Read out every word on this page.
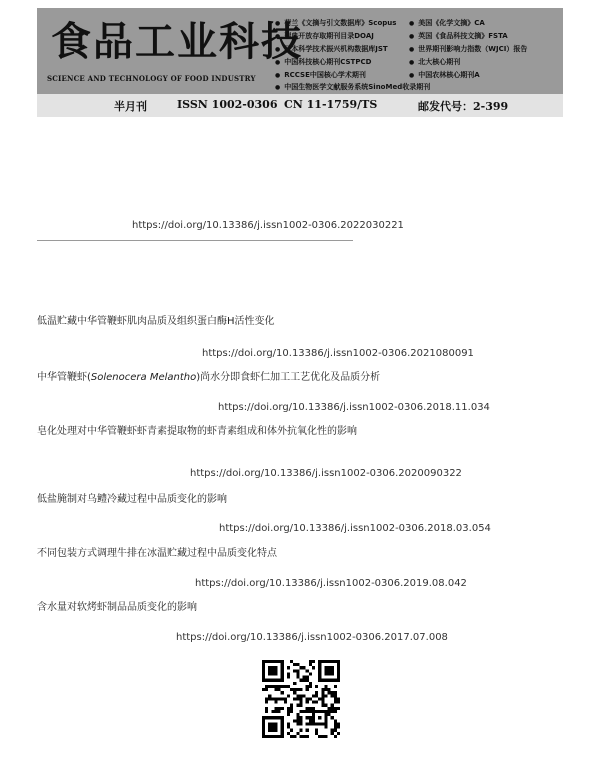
食品工业科技
SCIENCE AND TECHNOLOGY OF FOOD INDUSTRY
● 荷兰《文摘与引文数据库》Scopus
● 瑞典开放存取期刊目录DOAJ
● 日本科学技术振兴机构数据库JST
● 中国科技核心期刊CSTPCD
● RCCSE中国核心学术期刊
● 中国生物医学文献服务系统SinoMed收录期刊
● 美国《化学文摘》CA
● 英国《食品科技文摘》FSTA
● 世界期刊影响力指数（WJCI）报告
● 北大核心期刊
● 中国农林核心期刊A
半月刊	ISSN 1002-0306 CN 11-1759/TS	邮发代号：2-399
https://doi.org/10.13386/j.issn1002-0306.2022030221
低温贮藏中华管鞭虾肌肉品质及组织蛋白酶H活性变化
https://doi.org/10.13386/j.issn1002-0306.2021080091
中华管鞭虾(Solenocera Melantho)尚水分即食虾仁加工工艺优化及品质分析
https://doi.org/10.13386/j.issn1002-0306.2018.11.034
皂化处理对中华管鞭虾虾青素提取物的虾青素组成和体外抗氧化性的影响
https://doi.org/10.13386/j.issn1002-0306.2020090322
低盐腌制对乌鳢冷藏过程中品质变化的影响
https://doi.org/10.13386/j.issn1002-0306.2018.03.054
不同包装方式调理牛排在冰温贮藏过程中品质变化特点
https://doi.org/10.13386/j.issn1002-0306.2019.08.042
含水量对软烤虾制品品质变化的影响
https://doi.org/10.13386/j.issn1002-0306.2017.07.008
